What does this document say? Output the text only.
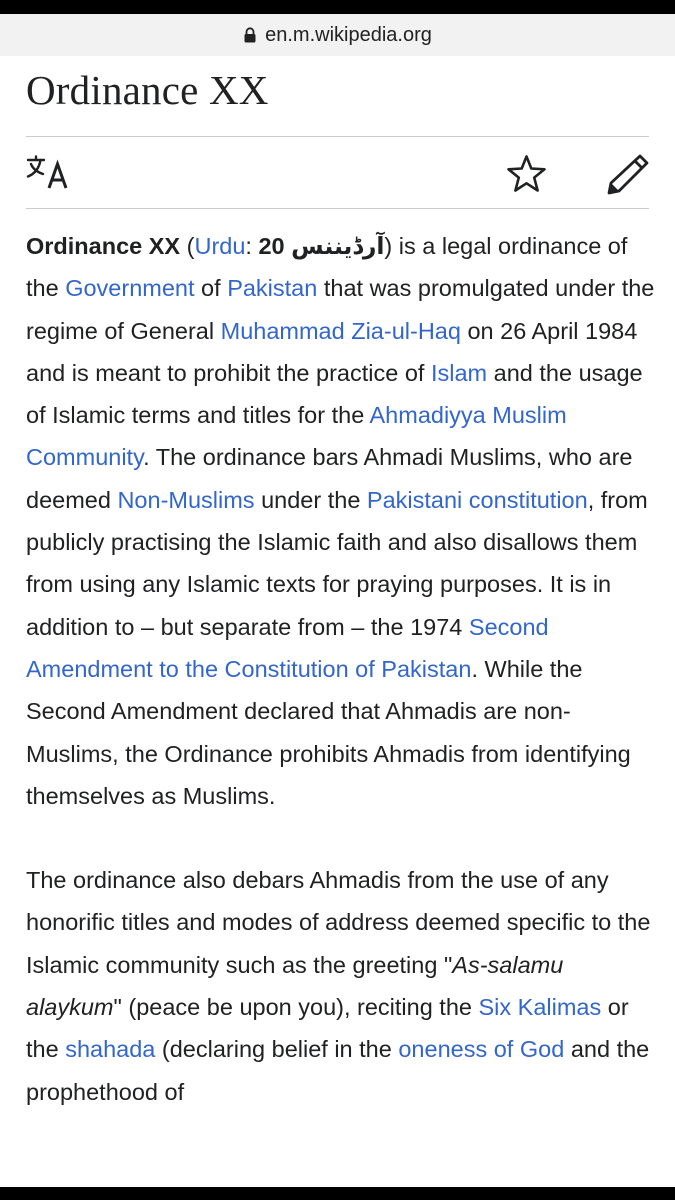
en.m.wikipedia.org
Ordinance XX

Ordinance XX (Urdu: آرڈیننس 20) is a legal ordinance of the Government of Pakistan that was promulgated under the regime of General Muhammad Zia-ul-Haq on 26 April 1984 and is meant to prohibit the practice of Islam and the usage of Islamic terms and titles for the Ahmadiyya Muslim Community. The ordinance bars Ahmadi Muslims, who are deemed Non-Muslims under the Pakistani constitution, from publicly practising the Islamic faith and also disallows them from using any Islamic texts for praying purposes. It is in addition to – but separate from – the 1974 Second Amendment to the Constitution of Pakistan. While the Second Amendment declared that Ahmadis are non-Muslims, the Ordinance prohibits Ahmadis from identifying themselves as Muslims.

The ordinance also debars Ahmadis from the use of any honorific titles and modes of address deemed specific to the Islamic community such as the greeting "As-salamu alaykum" (peace be upon you), reciting the Six Kalimas or the shahada (declaring belief in the oneness of God and the prophethood of
